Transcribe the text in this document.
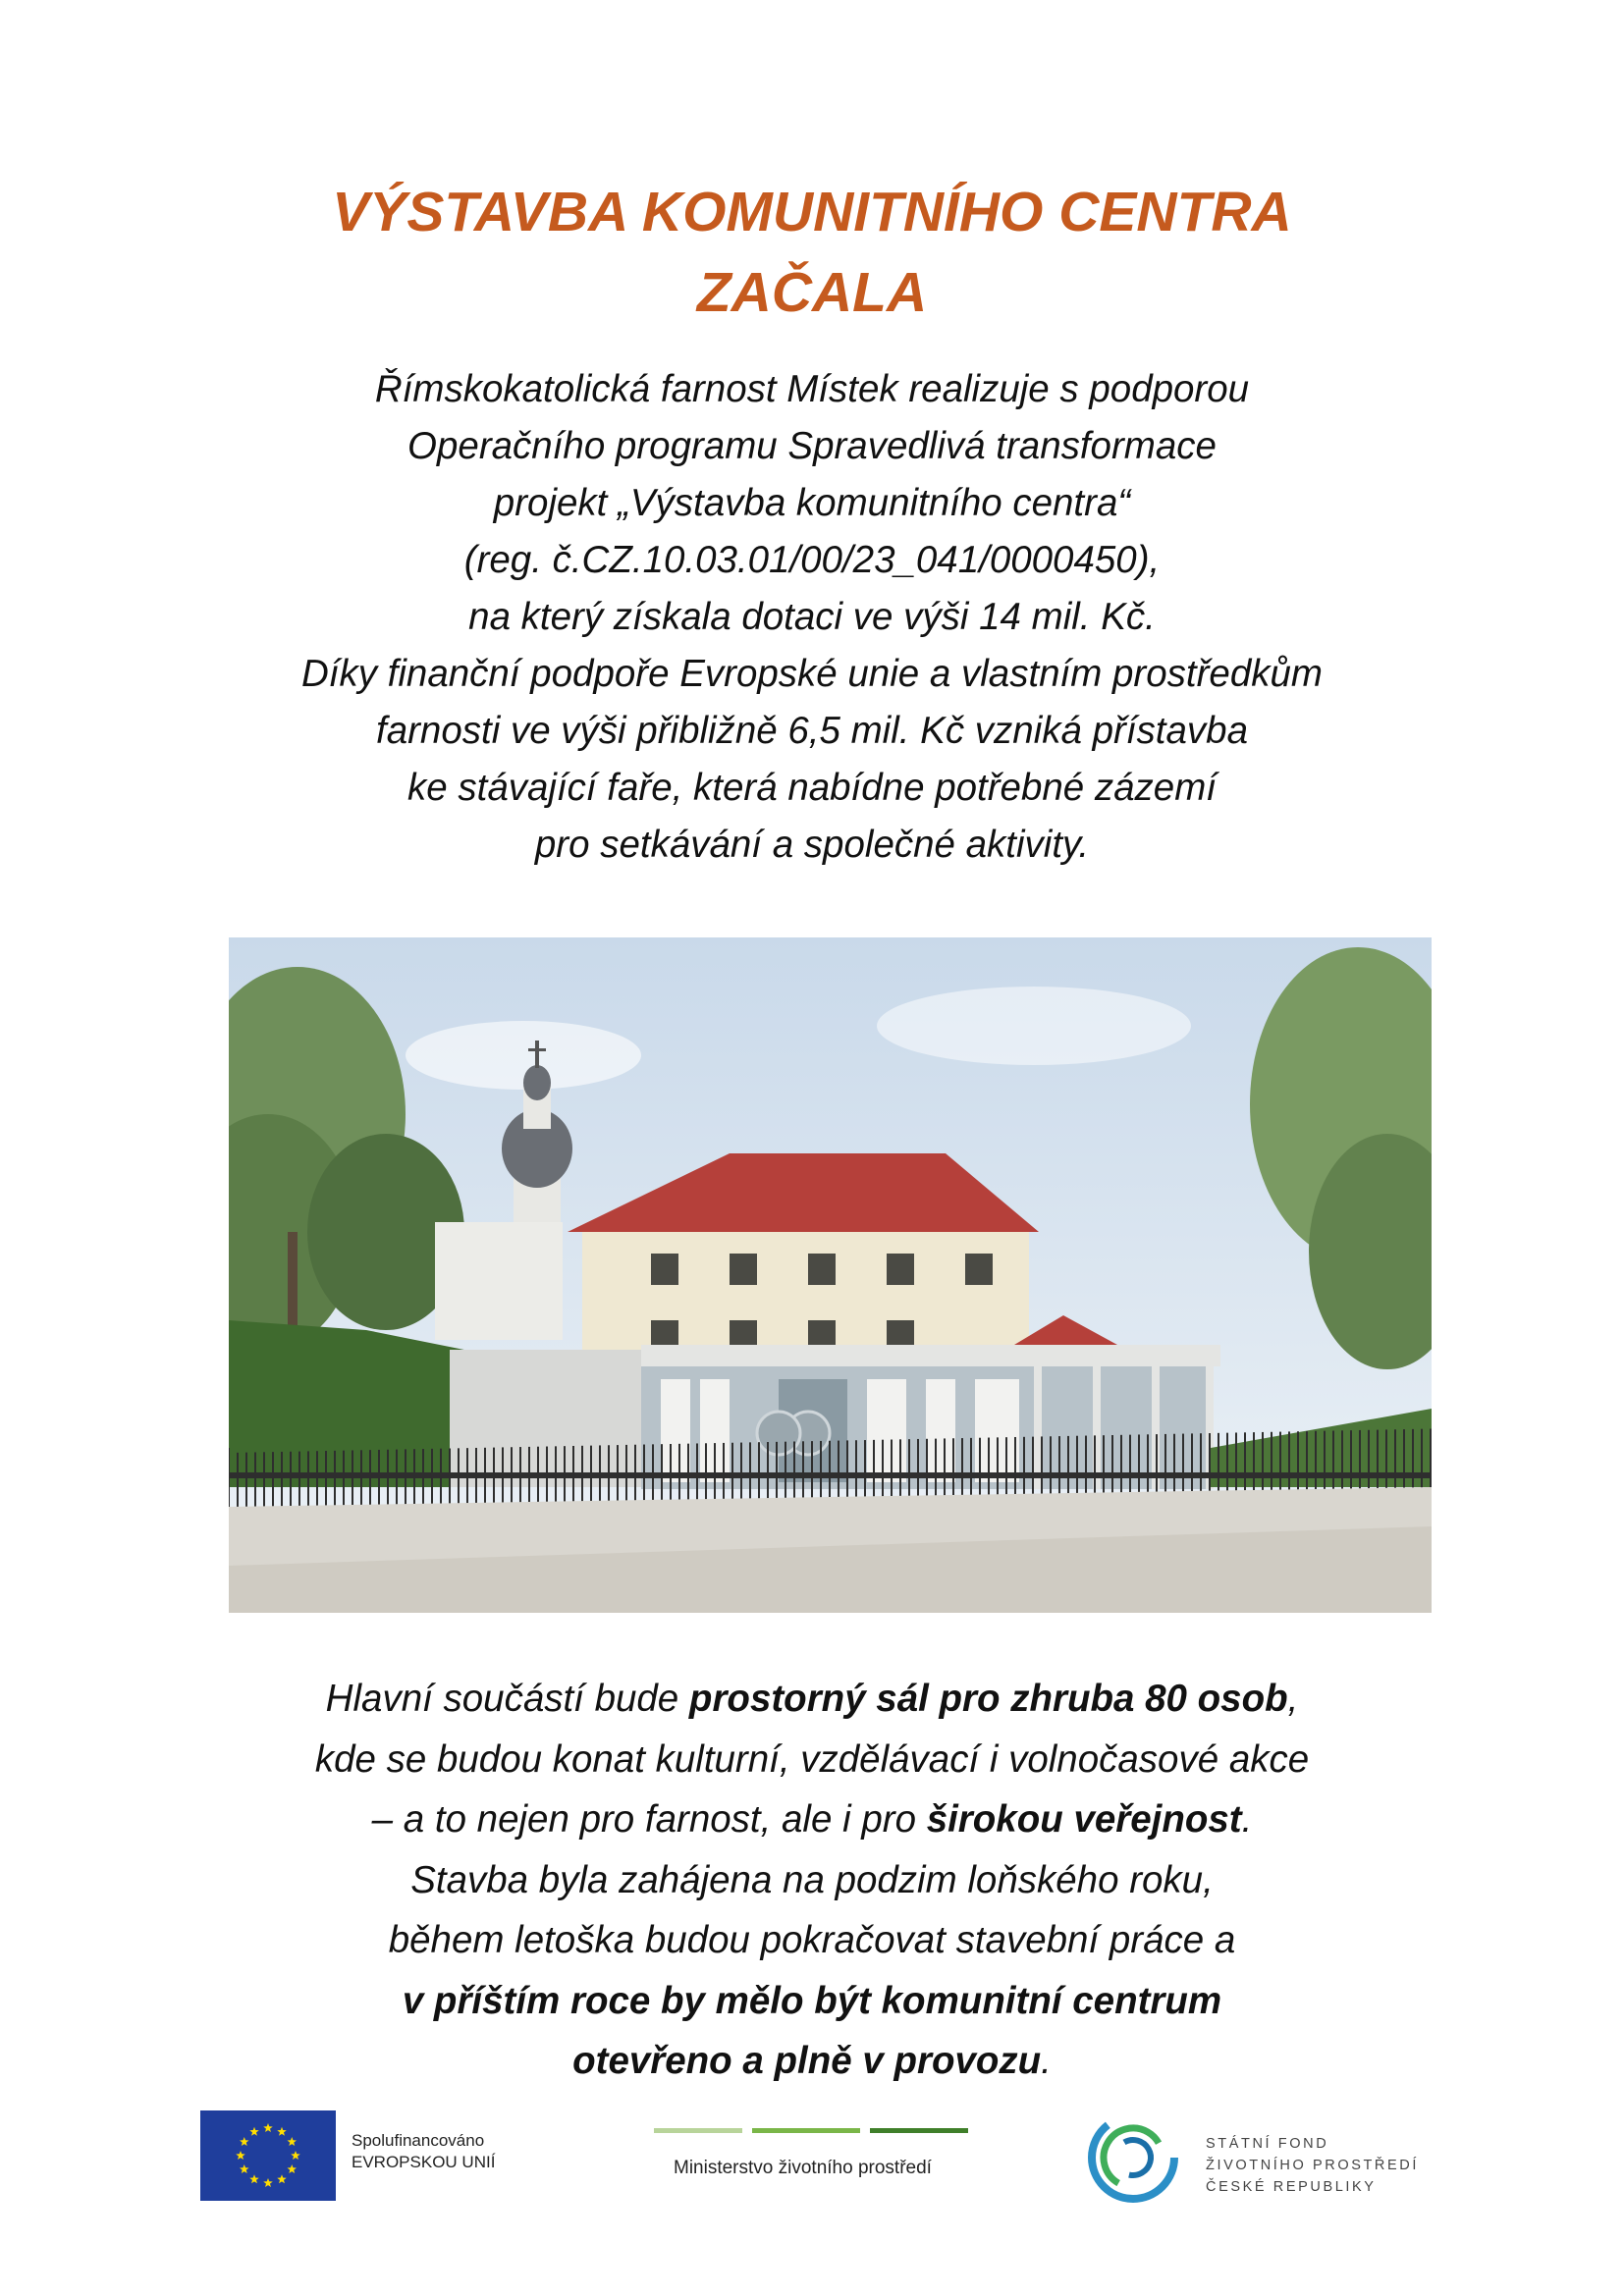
VÝSTAVBA KOMUNITNÍHO CENTRA
ZAČALA
Římskokatolická farnost Místek realizuje s podporou
Operačního programu Spravedlivá transformace
projekt „Výstavba komunitního centra“
(reg. č.CZ.10.03.01/00/23_041/0000450),
na který získala dotaci ve výši 14 mil. Kč.
Díky finanční podpoře Evropské unie a vlastním prostředkům
farnosti ve výši přibližně 6,5 mil. Kč vzniká přístavba
ke stávající faře, která nabídne potřebné zázemí
pro setkávání a společné aktivity.
Hlavní součástí bude prostorný sál pro zhruba 80 osob,
kde se budou konat kulturní, vzdělávací i volnočasové akce
– a to nejen pro farnost, ale i pro širokou veřejnost.
Stavba byla zahájena na podzim loňského roku,
během letoška budou pokračovat stavební práce a
v příštím roce by mělo být komunitní centrum
otevřeno a plně v provozu.
Spolufinancováno
EVROPSKOU UNIÍ	Ministerstvo životního prostředí
STÁTNÍ FOND
ŽIVOTNÍHO PROSTŘEDÍ
ČESKÉ REPUBLIKY
